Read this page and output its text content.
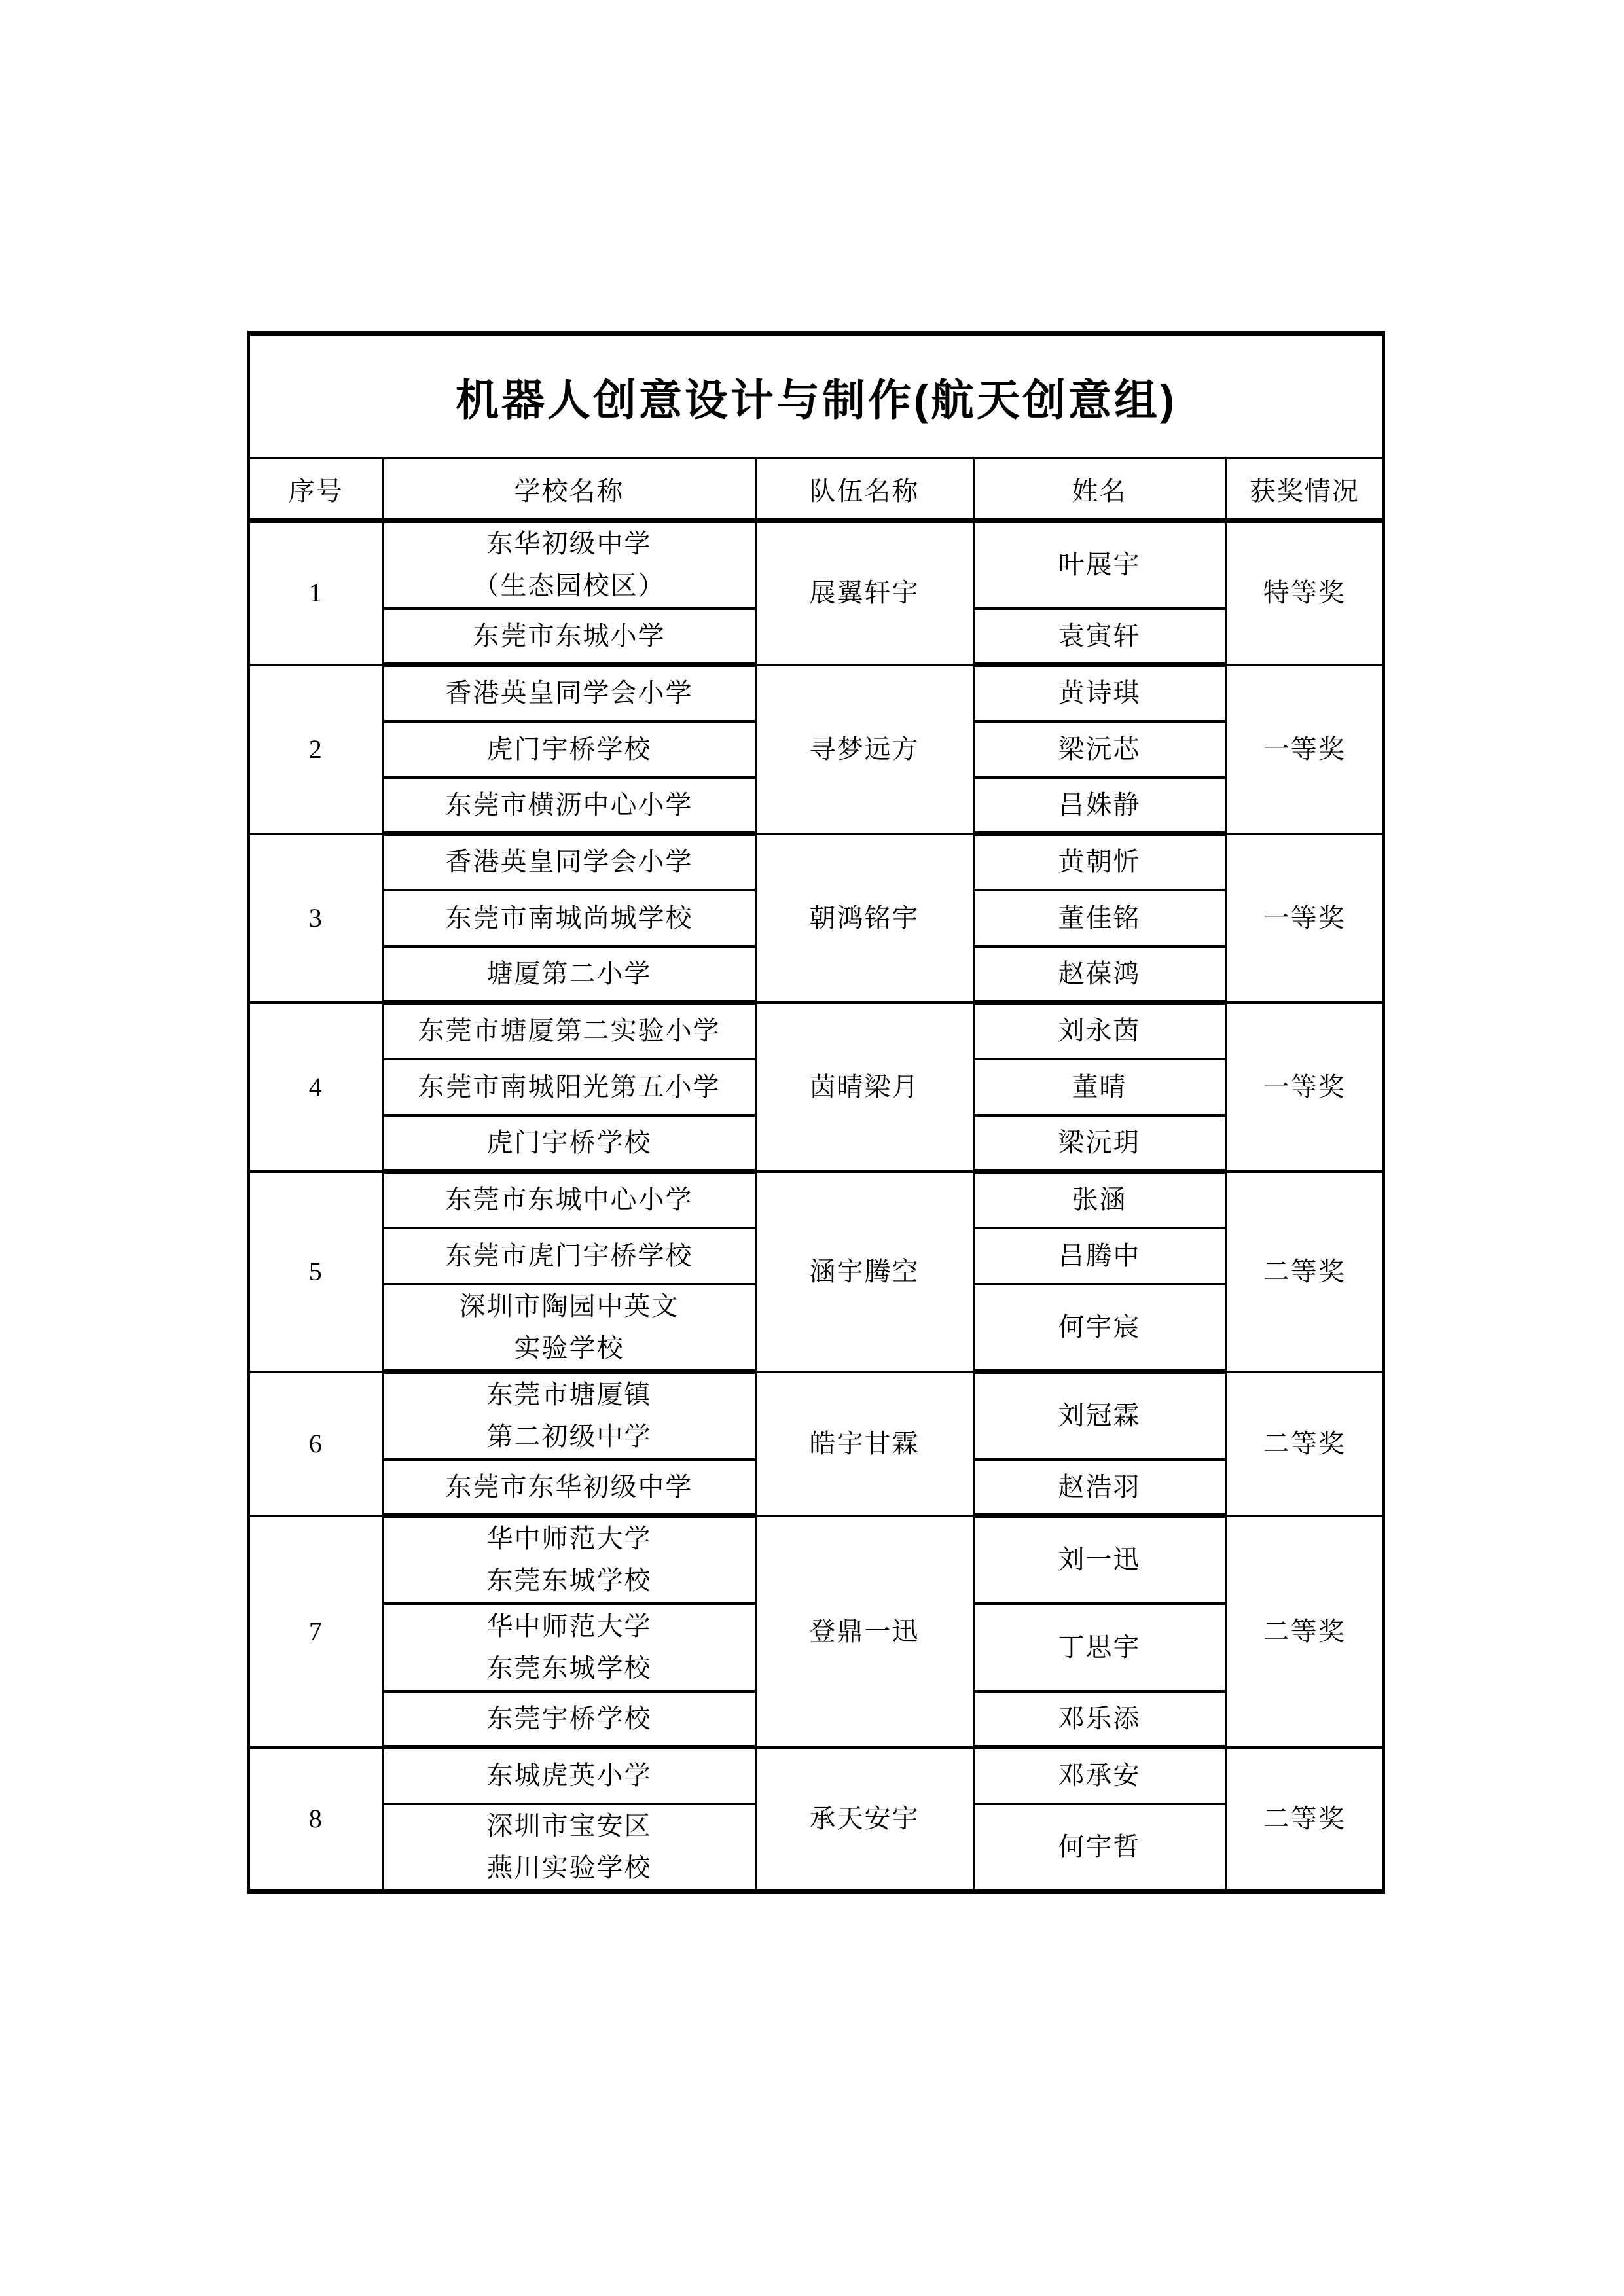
机器人创意设计与制作(航天创意组)				
序号	学校名称	队伍名称	姓名	获奖情况

1	东华初级中学
（生态园校区）	展翼轩宇	叶展宇	特等奖

	东莞市东城小学		袁寅轩	

2	香港英皇同学会小学	寻梦远方	黄诗琪	一等奖

	虎门宇桥学校		梁沅芯	

	东莞市横沥中心小学		吕姝静	

3	香港英皇同学会小学	朝鸿铭宇	黄朝忻	一等奖

	东莞市南城尚城学校		董佳铭	

	塘厦第二小学		赵葆鸿	

4	东莞市塘厦第二实验小学	茵晴梁月	刘永茵	一等奖

	东莞市南城阳光第五小学		董晴	

	虎门宇桥学校		梁沅玥	

5	东莞市东城中心小学	涵宇腾空	张涵	二等奖

	东莞市虎门宇桥学校		吕腾中	

	深圳市陶园中英文
实验学校		何宇宸	

6	东莞市塘厦镇
第二初级中学	皓宇甘霖	刘冠霖	二等奖

	东莞市东华初级中学		赵浩羽	

7	华中师范大学
东莞东城学校	登鼎一迅	刘一迅	二等奖

	华中师范大学
东莞东城学校		丁思宇	

	东莞宇桥学校		邓乐添	

8	东城虎英小学	承天安宇	邓承安	二等奖

	深圳市宝安区
燕川实验学校		何宇哲	
